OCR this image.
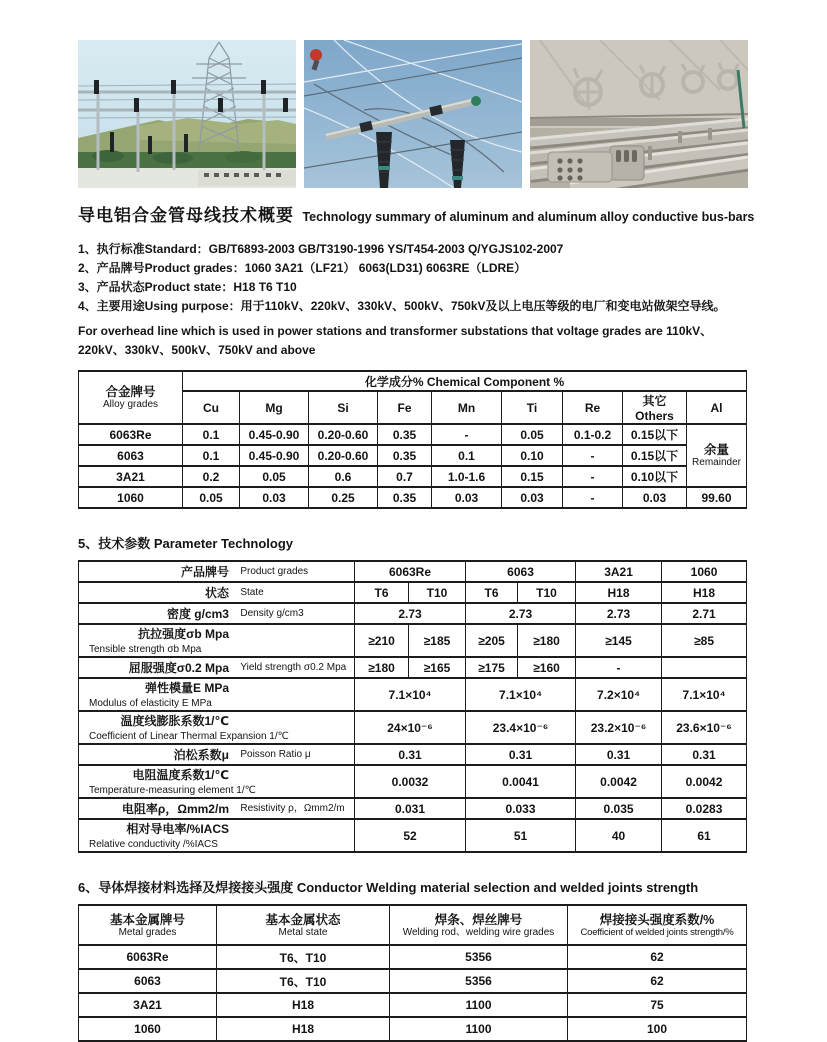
导电铝合金管母线技术概要 Technology summary of aluminum and aluminum alloy conductive bus-bars
1、执行标准Standard：GB/T6893-2003 GB/T3190-1996 YS/T454-2003 Q/YGJS102-2007
2、产品牌号Product grades：1060 3A21（LF21） 6063(LD31) 6063RE（LDRE）
3、产品状态Product state：H18 T6 T10
4、主要用途Using purpose：用于110kV、220kV、330kV、500kV、750kV及以上电压等级的电厂和变电站做架空导线。

For overhead line which is used in power stations and transformer substations that voltage grades are 110kV、220kV、330kV、500kV、750kV and above

合金牌号
Alloy grades	化学成分% Chemical Component %								
	Cu	Mg	Si	Fe	Mn	Ti	Re	其它Others	Al
6063Re	0.1	0.45-0.90	0.20-0.60	0.35	-	0.05	0.1-0.2	0.15以下	余量
Remainder

6063	0.1	0.45-0.90	0.20-0.60	0.35	0.1	0.10	-	0.15以下	
3A21	0.2	0.05	0.6	0.7	1.0-1.6	0.15	-	0.10以下	
1060	0.05	0.03	0.25	0.35	0.03	0.03	-	0.03	99.60
5、技术参数 Parameter Technology
产品牌号 Product grades	6063Re		6063		3A21	1060
状态 State	T6	T10	T6	T10	H18	H18
密度 g/cm3 Density g/cm3	2.73		2.73		2.73	2.71
抗拉强度σb Mpa Tensible strength σb Mpa	≥210	≥185	≥205	≥180	≥145	≥85
屈服强度σ0.2 Mpa Yield strength σ0.2 Mpa	≥180	≥165	≥175	≥160	-	
弹性模量E MPa Modulus of elasticity E MPa	7.1×10⁴		7.1×10⁴		7.2×10⁴	7.1×10⁴
温度线膨胀系数1/℃ Coefficient of Linear Thermal Expansion 1/℃	24×10⁻⁶		23.4×10⁻⁶		23.2×10⁻⁶	23.6×10⁻⁶
泊松系数μ Poisson Ratio μ	0.31		0.31		0.31	0.31
电阻温度系数1/℃ Temperature-measuring element 1/℃	0.0032		0.0041		0.0042	0.0042
电阻率ρ，Ωmm2/m Resistivity ρ，Ωmm2/m	0.031		0.033		0.035	0.0283
相对导电率/%IACS Relative conductivity /%IACS	52		51		40	61
6、导体焊接材料选择及焊接接头强度 Conductor Welding material selection and welded joints strength
基本金属牌号
Metal grades

基本金属状态
Metal state

焊条、焊丝牌号
Welding rod、welding wire grades

焊接接头强度系数/%
Coefficient of welded joints strength/%

6063Re	T6、T10	5356	62
6063	T6、T10	5356	62
3A21	H18	1100	75
1060	H18	1100	100
